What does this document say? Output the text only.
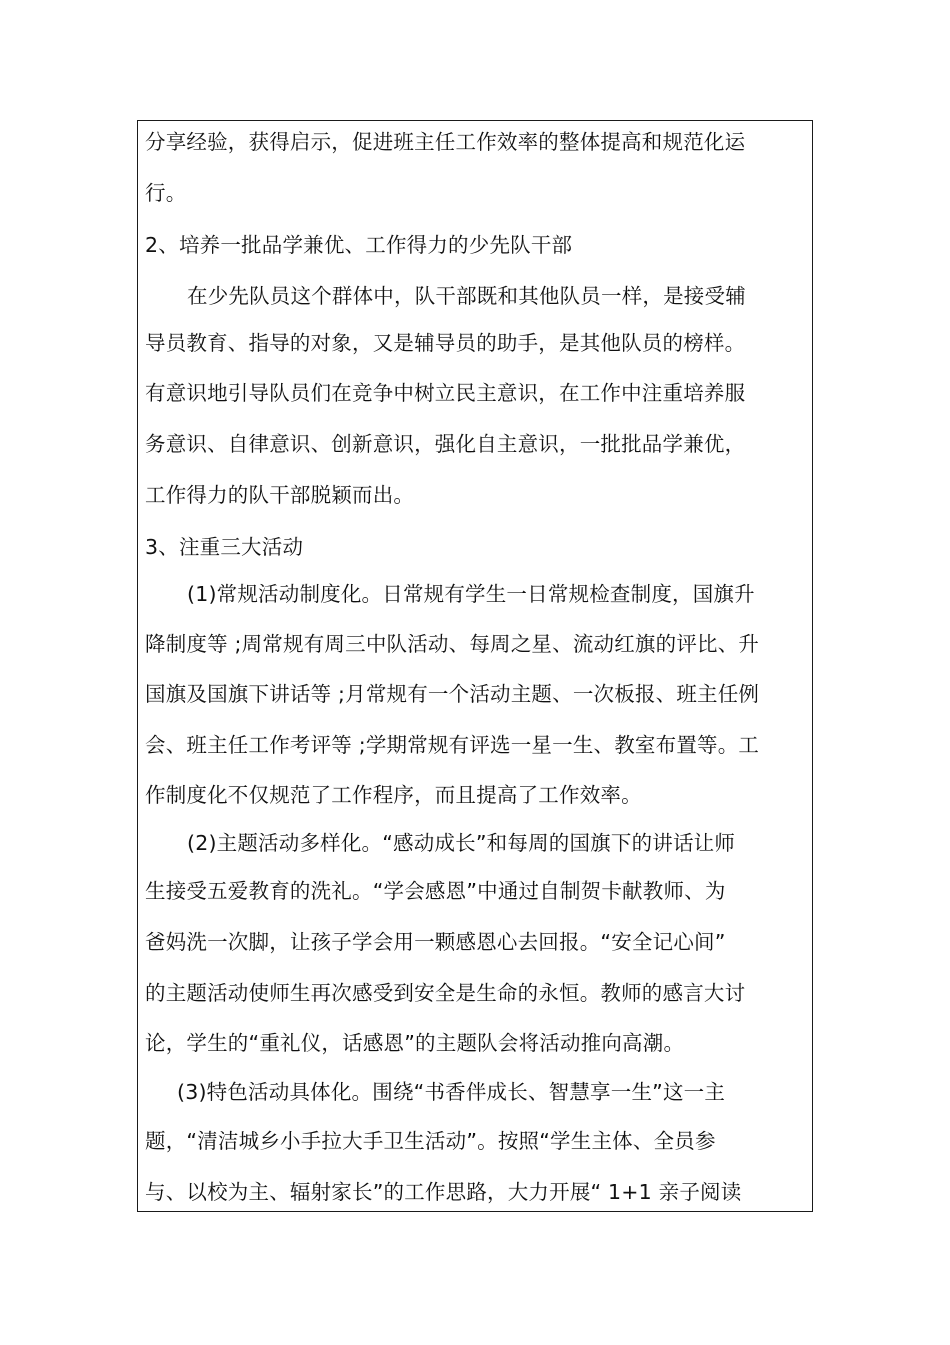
分享经验，获得启示，促进班主任工作效率的整体提高和规范化运
行。
2、培养一批品学兼优、工作得力的少先队干部
在少先队员这个群体中，队干部既和其他队员一样，是接受辅
导员教育、指导的对象，又是辅导员的助手，是其他队员的榜样。
有意识地引导队员们在竞争中树立民主意识，在工作中注重培养服
务意识、自律意识、创新意识，强化自主意识，一批批品学兼优，
工作得力的队干部脱颖而出。
3、注重三大活动
(1)常规活动制度化。日常规有学生一日常规检查制度，国旗升
降制度等 ;周常规有周三中队活动、每周之星、流动红旗的评比、升
国旗及国旗下讲话等 ;月常规有一个活动主题、一次板报、班主任例
会、班主任工作考评等 ;学期常规有评选一星一生、教室布置等。工
作制度化不仅规范了工作程序，而且提高了工作效率。
(2)主题活动多样化。“感动成长”和每周的国旗下的讲话让师
生接受五爱教育的洗礼。“学会感恩”中通过自制贺卡献教师、为
爸妈洗一次脚，让孩子学会用一颗感恩心去回报。“安全记心间”
的主题活动使师生再次感受到安全是生命的永恒。教师的感言大讨
论，学生的“重礼仪，话感恩”的主题队会将活动推向高潮。
(3)特色活动具体化。围绕“书香伴成长、智慧享一生”这一主
题，“清洁城乡小手拉大手卫生活动”。按照“学生主体、全员参
与、以校为主、辐射家长”的工作思路，大力开展“ 1+1 亲子阅读
